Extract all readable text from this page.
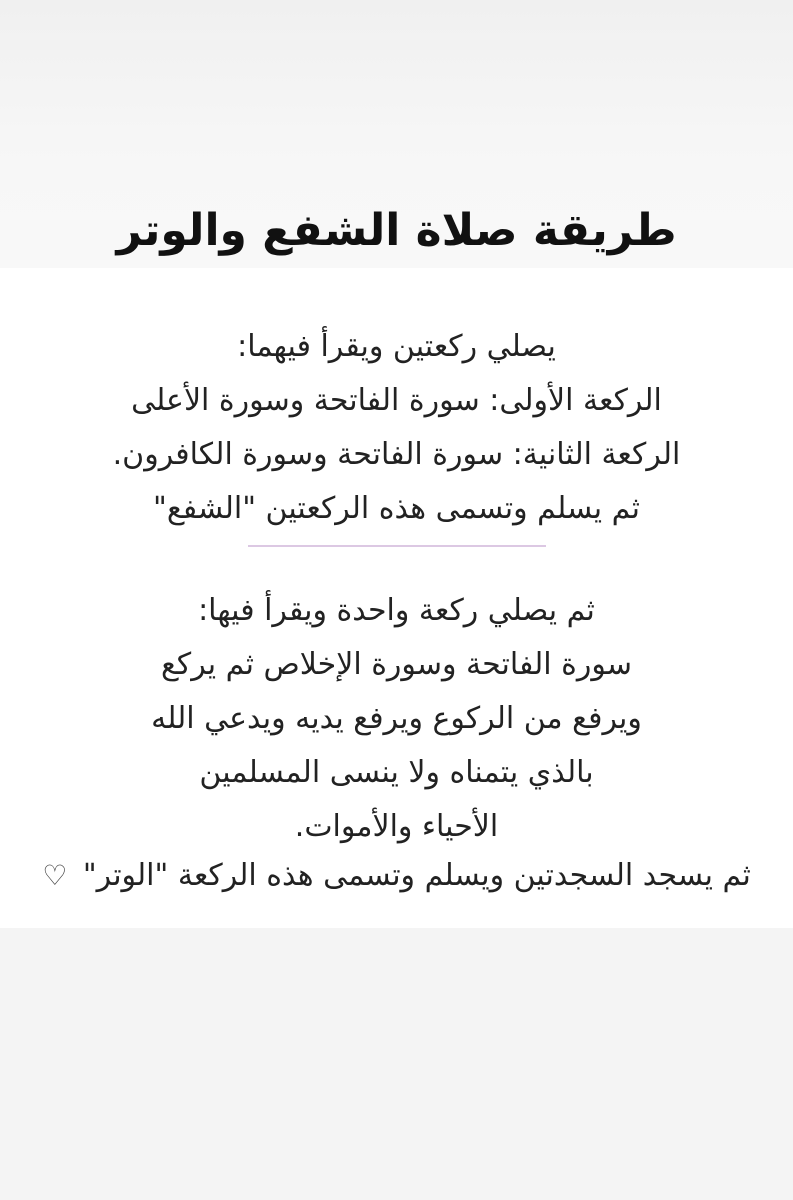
طريقة صلاة الشفع والوتر
يصلي ركعتين ويقرأ فيهما:
الركعة الأولى: سورة الفاتحة وسورة الأعلى
الركعة الثانية: سورة الفاتحة وسورة الكافرون.
ثم يسلم وتسمى هذه الركعتين "الشفع"
ثم يصلي ركعة واحدة ويقرأ فيها:
سورة الفاتحة وسورة الإخلاص ثم يركع
ويرفع من الركوع ويرفع يديه ويدعي الله
بالذي يتمناه ولا ينسى المسلمين
الأحياء والأموات.
ثم يسجد السجدتين ويسلم وتسمى هذه الركعة "الوتر" ♡
